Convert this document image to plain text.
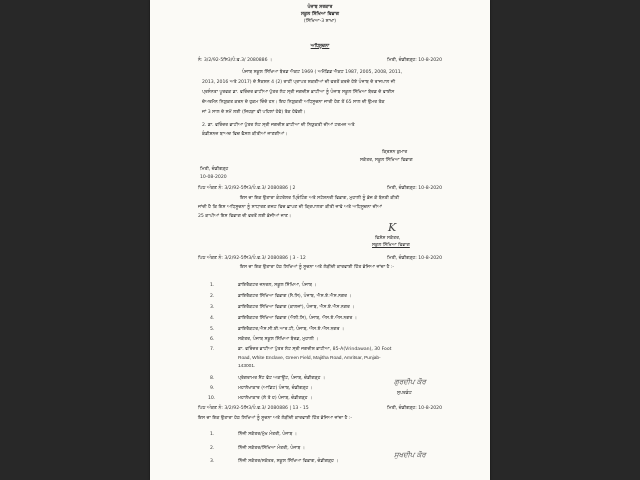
ਪੰਜਾਬ ਸਰਕਾਰ
ਸਕੂਲ ਸਿੱਖਿਆ ਵਿਭਾਗ
(ਸਿੱਖਿਆ-3 ਸ਼ਾਖਾ)
ਅਧਿਸੂਚਨਾ
ਨੰ: 3/2/92-5ਸਿ3/ਪੰ.ਫ.3/ 2080886 ।	ਮਿਤੀ, ਚੰਡੀਗੜ੍ਹ: 10-8-2020
ਪੰਜਾਬ ਸਕੂਲ ਸਿੱਖਿਆ ਬੋਰਡ ਐਕਟ 1969 ( ਅਮੈਂਡਿਡ ਐਕਟ 1987, 2005, 2008, 2011,
2013, 2016 ਅਤੇ 2017) ਦੇ ਸੈਕਸ਼ਨ 4 (2) ਰਾਹੀਂ ਪ੍ਰਾਪਤ ਸ਼ਕਤੀਆਂ ਦੀ ਵਰਤੋਂ ਕਰਦੇ ਹੋਏ ਪੰਜਾਬ ਦੇ ਰਾਜਪਾਲ ਜੀ
ਪ੍ਰਸੰਨਤਾ ਪੂਰਵਕ ਡਾ. ਵਰਿੰਦਰ ਭਾਟੀਆ ਪੁੱਤਰ ਲੇਟ ਸ੍ਰੀ ਜਗਦੀਸ਼ ਭਾਟੀਆ ਨੂੰ ਪੰਜਾਬ ਸਕੂਲ ਸਿੱਖਿਆ ਬੋਰਡ ਦੇ ਵਾਈਸ
ਚੇਅਰਮੈਨ ਨਿਯੁਕਤ ਕਰਨ ਦੇ ਹੁਕਮ ਦਿੰਦੇ ਹਨ। ਇਹ ਨਿਯੁਕਤੀ ਅਧਿਸੂਚਨਾ ਜਾਰੀ ਹੋਣ ਤੋਂ 65 ਸਾਲ ਦੀ ਉਮਰ ਤੱਕ
ਜਾਂ 3 ਸਾਲ ਦੇ ਸਮੇਂ ਲਈ (ਜਿਹੜਾ ਵੀ ਪਹਿਲਾਂ ਹੋਵੇ) ਤੱਕ ਹੋਵੇਗੀ।
2. ਡਾ. ਵਰਿੰਦਰ ਭਾਟੀਆ ਪੁੱਤਰ ਲੇਟ ਸ੍ਰੀ ਜਗਦੀਸ਼ ਭਾਟੀਆ ਦੀ ਨਿਯੁਕਤੀ ਦੀਆਂ ਟਰਮਜ਼ ਅਤੇ
ਕੰਡੀਸ਼ਨਜ਼ ਬਾਅਦ ਵਿਚ ਫੈਸਲ ਕੀਤੀਆਂ ਜਾਣਗੀਆਂ।
ਕ੍ਰਿਸ਼ਨ ਕੁਮਾਰ
ਸਕੱਤਰ, ਸਕੂਲ ਸਿੱਖਿਆ ਵਿਭਾਗ
ਮਿਤੀ, ਚੰਡੀਗੜ੍ਹ
10-08-2020
ਪਿਠ ਅੰਕਣ ਨੰ: 3/2/92-5ਸਿ3/ਪੰ.ਫ.3/ 2080886 | 2	ਮਿਤੀ, ਚੰਡੀਗੜ੍ਹ: 10-8-2020
ਇਸ ਦਾ ਇਕ ਉਤਾਰਾ ਕੰਟਰੋਲਰ ਪ੍ਰਿੰਟਿੰਗ ਅਤੇ ਸਟੇਸ਼ਨਰੀ ਵਿਭਾਗ, ਮੁਹਾਲੀ ਨੂੰ ਭੇਜ ਕੇ ਬੇਨਤੀ ਕੀਤੀ
ਜਾਂਦੀ ਹੈ ਕਿ ਇਸ ਅਧਿਸੂਚਨਾ ਨੂੰ ਸਾਧਾਰਣ ਗਜ਼ਟ ਵਿਚ ਛਾਪਣ ਦੀ ਕ੍ਰਿਪਾਲਤਾ ਕੀਤੀ ਜਾਵੇ ਅਤੇ ਅਧਿਸੂਚਨਾ ਦੀਆਂ
25 ਕਾਪੀਆਂ ਇਸ ਵਿਭਾਗ ਦੀ ਵਰਤੋਂ ਲਈ ਭੇਜੀਆਂ ਜਾਣ।
K
ਵਿਸ਼ੇਸ਼ ਸਕੱਤਰ,
ਸਕੂਲ ਸਿੱਖਿਆ ਵਿਭਾਗ
ਪਿਠ ਅੰਕਣ ਨੰ: 3/2/92-5ਸਿ3/ਪੰ.ਫ.3/ 2080886 | 3 - 12	ਮਿਤੀ, ਚੰਡੀਗੜ੍ਹ: 10-8-2020
ਇਸ ਦਾ ਇਕ ਉਤਾਰਾ ਹੇਠ ਲਿਖਿਆਂ ਨੂੰ ਸੂਚਨਾ ਅਤੇ ਲੋੜੀਂਦੀ ਕਾਰਵਾਈ ਹਿੱਤ ਭੇਜਿਆ ਜਾਂਦਾ ਹੈ :-
1.	ਡਾਇਰੈਕਟਰ ਜਨਰਲ, ਸਕੂਲ ਸਿੱਖਿਆ, ਪੰਜਾਬ ।
2.	ਡਾਇਰੈਕਟਰ ਸਿੱਖਿਆ ਵਿਭਾਗ (ਸੈ.ਸਿ), ਪੰਜਾਬ, ਐਸ.ਏ.ਐਸ.ਨਗਰ ।
3.	ਡਾਇਰੈਕਟਰ ਸਿੱਖਿਆ ਵਿਭਾਗ (ਕਾਲਜਾਂ), ਪੰਜਾਬ, ਐਸ.ਏ.ਐਸ.ਨਗਰ ।
4.	ਡਾਇਰੈਕਟਰ ਸਿੱਖਿਆ ਵਿਭਾਗ (ਐਲੀ.ਸਿ), ਪੰਜਾਬ, ਐਸ.ਏ.ਐਸ.ਨਗਰ ।
5.	ਡਾਇਰੈਕਟਰ,ਐਸ.ਸੀ.ਈ.ਆਰ.ਟੀ, ਪੰਜਾਬ, ਐਸ.ਏ.ਐਸ.ਨਗਰ ।
6.	ਸਕੱਤਰ, ਪੰਜਾਬ ਸਕੂਲ ਸਿੱਖਿਆ ਬੋਰਡ, ਮੁਹਾਲੀ ।
7.	ਡਾ. ਵਰਿੰਦਰ ਭਾਟੀਆ ਪੁੱਤਰ ਲੇਟ ਸ੍ਰੀ ਜਗਦੀਸ਼ ਭਾਟੀਆ, 85-A(Vrindawan), 30 Foot
Road, White Enclave, Green Field, Majitha Road, Amritsar, Punjab-
143001.
8.	ਪ੍ਰੋਗਰਾਮਰ ਸੈਂਟ ਫੱਟ ਅਕਾਊਂਟ, ਪੰਜਾਬ, ਚੰਡੀਗੜ੍ਹ ।
9.	ਮਹਾਲੇਖਾਕਾਰ (ਆਡਿਟ) ਪੰਜਾਬ, ਚੰਡੀਗੜ੍ਹ ।
10.	ਮਹਾਲੇਖਾਕਾਰ (ਲੇ ਤੇ ਹ) ਪੰਜਾਬ, ਚੰਡੀਗੜ੍ਹ ।
ਗੁਰਦੀਪ ਕੌਰ
ਸੁਪਰਡੰਟ
ਪਿਠ ਅੰਕਣ ਨੰ: 3/2/92-5ਸਿ3/ਪੰ.ਫ.3/ 2080886 | 13 - 15	ਮਿਤੀ, ਚੰਡੀਗੜ੍ਹ: 10-8-2020
ਇਸ ਦਾ ਇਕ ਉਤਾਰਾ ਹੇਠ ਲਿਖਿਆਂ ਨੂੰ ਸੂਚਨਾ ਅਤੇ ਲੋੜੀਂਦੀ ਕਾਰਵਾਈ ਹਿੱਤ ਭੇਜਿਆ ਜਾਂਦਾ ਹੈ :-
1.	ਨਿੱਜੀ ਸਕੱਤਰ/ਮੁੱਖ ਮੰਤਰੀ, ਪੰਜਾਬ ।
2.	ਨਿੱਜੀ ਸਕੱਤਰ/ਸਿੱਖਿਆ ਮੰਤਰੀ, ਪੰਜਾਬ ।
3.	ਨਿੱਜੀ ਸਕੱਤਰ/ਸਕੱਤਰ, ਸਕੂਲ ਸਿੱਖਿਆ ਵਿਭਾਗ, ਚੰਡੀਗੜ੍ਹ ।
ਸੁਖਦੀਪ ਕੌਰ
